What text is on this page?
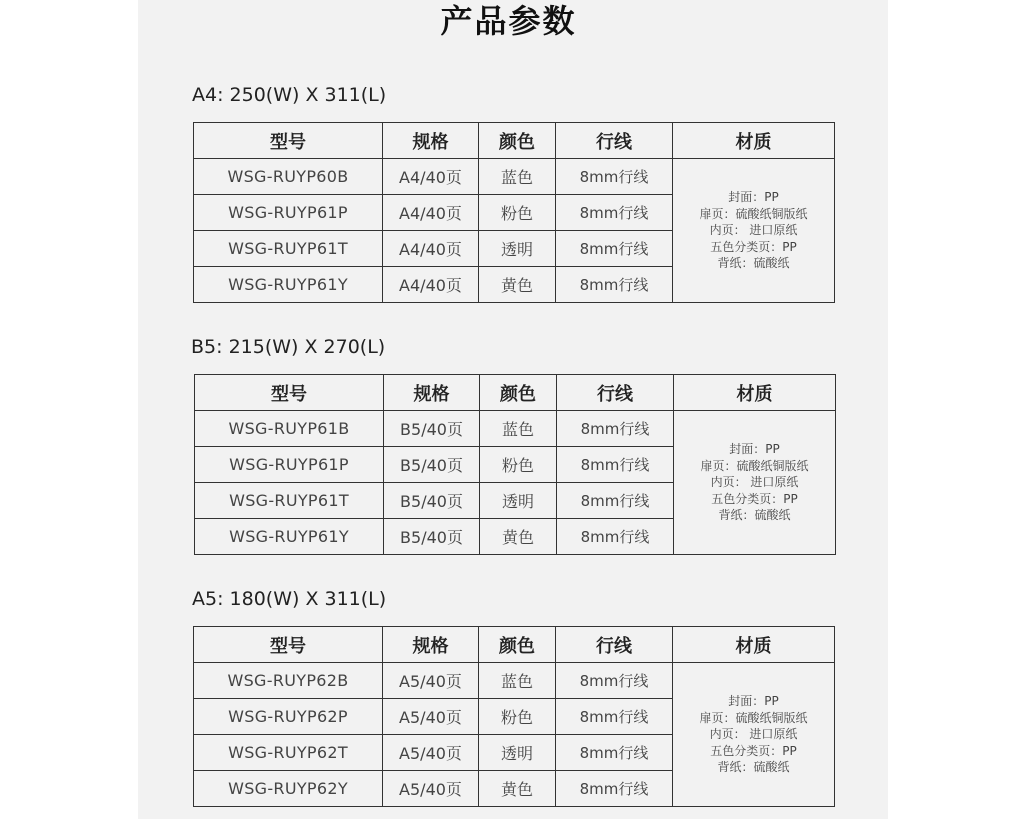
产品参数
A4: 250(W) X 311(L)
型号	规格	颜色	行线	材质
WSG-RUYP60B	A4/40页	蓝色	8mm行线	封面：PP
扉页：硫酸纸铜版纸
内页： 进口原纸
五色分类页：PP
背纸：硫酸纸

WSG-RUYP61P	A4/40页	粉色	8mm行线	
WSG-RUYP61T	A4/40页	透明	8mm行线	
WSG-RUYP61Y	A4/40页	黄色	8mm行线	
B5: 215(W) X 270(L)
型号	规格	颜色	行线	材质
WSG-RUYP61B	B5/40页	蓝色	8mm行线	封面：PP
扉页：硫酸纸铜版纸
内页： 进口原纸
五色分类页：PP
背纸：硫酸纸

WSG-RUYP61P	B5/40页	粉色	8mm行线	
WSG-RUYP61T	B5/40页	透明	8mm行线	
WSG-RUYP61Y	B5/40页	黄色	8mm行线	
A5: 180(W) X 311(L)
型号	规格	颜色	行线	材质
WSG-RUYP62B	A5/40页	蓝色	8mm行线	封面：PP
扉页：硫酸纸铜版纸
内页： 进口原纸
五色分类页：PP
背纸：硫酸纸

WSG-RUYP62P	A5/40页	粉色	8mm行线	
WSG-RUYP62T	A5/40页	透明	8mm行线	
WSG-RUYP62Y	A5/40页	黄色	8mm行线	
